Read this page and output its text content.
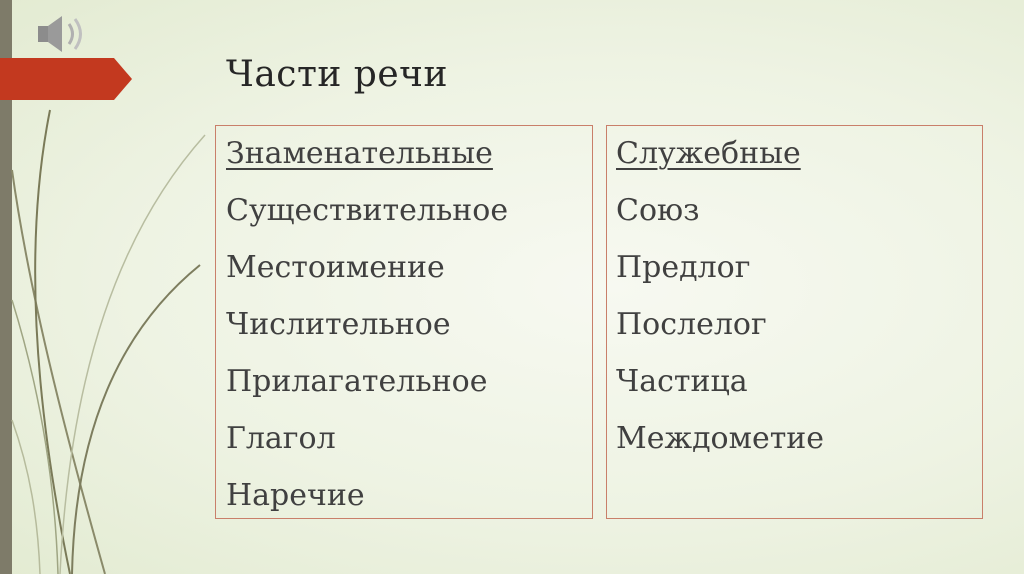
Части речи
Знаменательные
Существительное
Местоимение
Числительное
Прилагательное
Глагол
Наречие
Служебные
Союз
Предлог
Послелог
Частица
Междометие
